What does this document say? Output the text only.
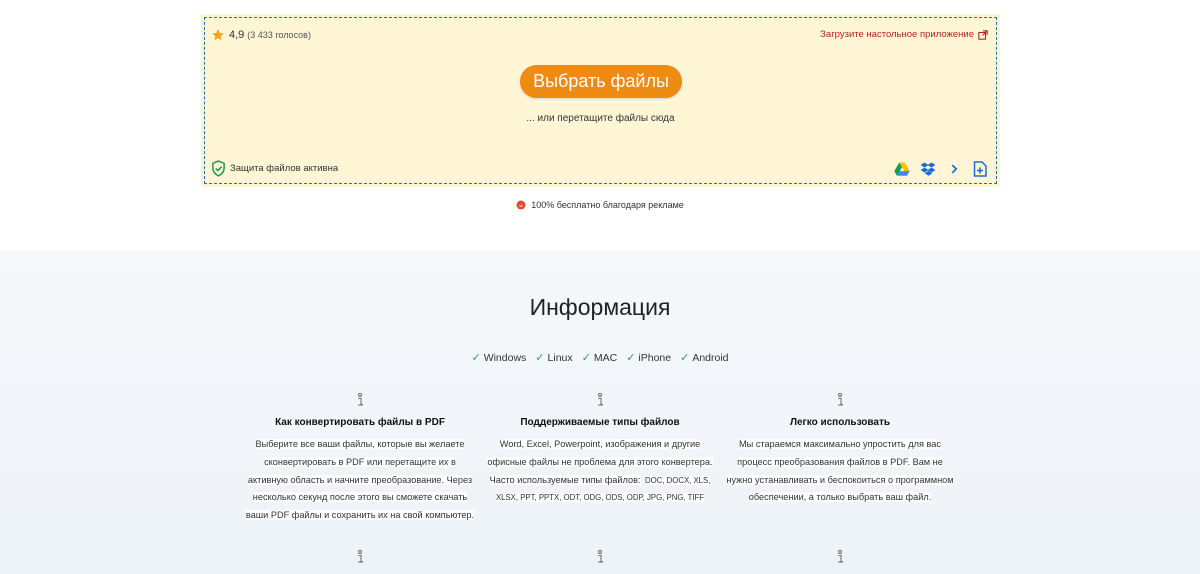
4,9 (3 433 голосов)	Загрузите настольное приложение
Выбрать файлы
... или перетащите файлы сюда
Защита файлов активна
100% бесплатно благодаря рекламе
Информация
✓ Windows ✓ Linux ✓ MAC ✓ iPhone ✓ Android
Как конвертировать файлы в PDF

Выберите все ваши файлы, которые вы желаете сконвертировать в PDF или перетащите их в активную область и начните преобразование. Через несколько секунд после этого вы сможете скачать ваши PDF файлы и сохранить их на свой компьютер.

Поддерживаемые типы файлов

Word, Excel, Powerpoint, изображения и другие офисные файлы не проблема для этого конвертера. Часто используемые типы файлов:

DOC, DOCX, XLS, XLSX, PPT, PPTX, ODT, ODG, ODS, ODP, JPG, PNG, TIFF

Легко использовать

Мы стараемся максимально упростить для вас процесс преобразования файлов в PDF. Вам не нужно устанавливать и беспокоиться о программном обеспечении, а только выбрать ваш файл.
